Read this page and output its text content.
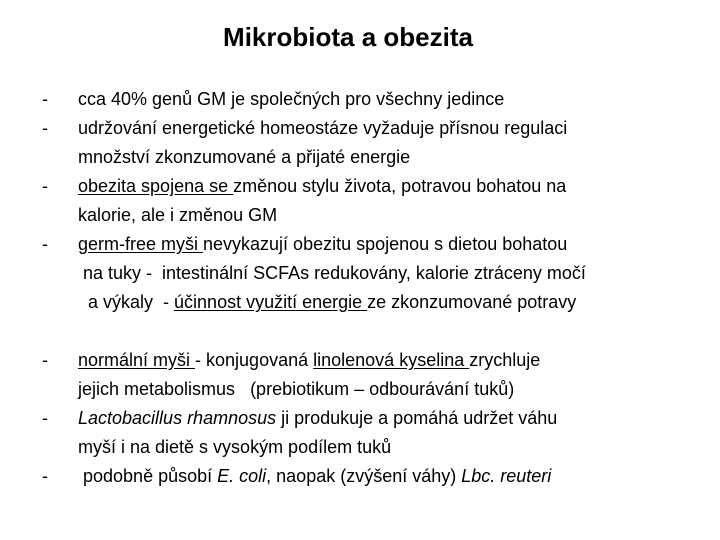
Mikrobiota a obezita
-	cca 40% genů GM je společných pro všechny jedince
-	udržování energetické homeostáze vyžaduje přísnou regulaci
množství zkonzumované a přijaté energie
-	obezita spojena se změnou stylu života, potravou bohatou na
kalorie, ale i změnou GM
-	germ-free myši nevykazují obezitu spojenou s dietou bohatou
na tuky -  intestinální SCFAs redukovány, kalorie ztráceny močí
a výkaly  - účinnost využití energie ze zkonzumované potravy
-	normální myši - konjugovaná linolenová kyselina zrychluje
jejich metabolismus   (prebiotikum – odbourávání tuků)
-	Lactobacillus rhamnosus ji produkuje a pomáhá udržet váhu
myší i na dietě s vysokým podílem tuků
-	podobně působí E. coli, naopak (zvýšení váhy) Lbc. reuteri
